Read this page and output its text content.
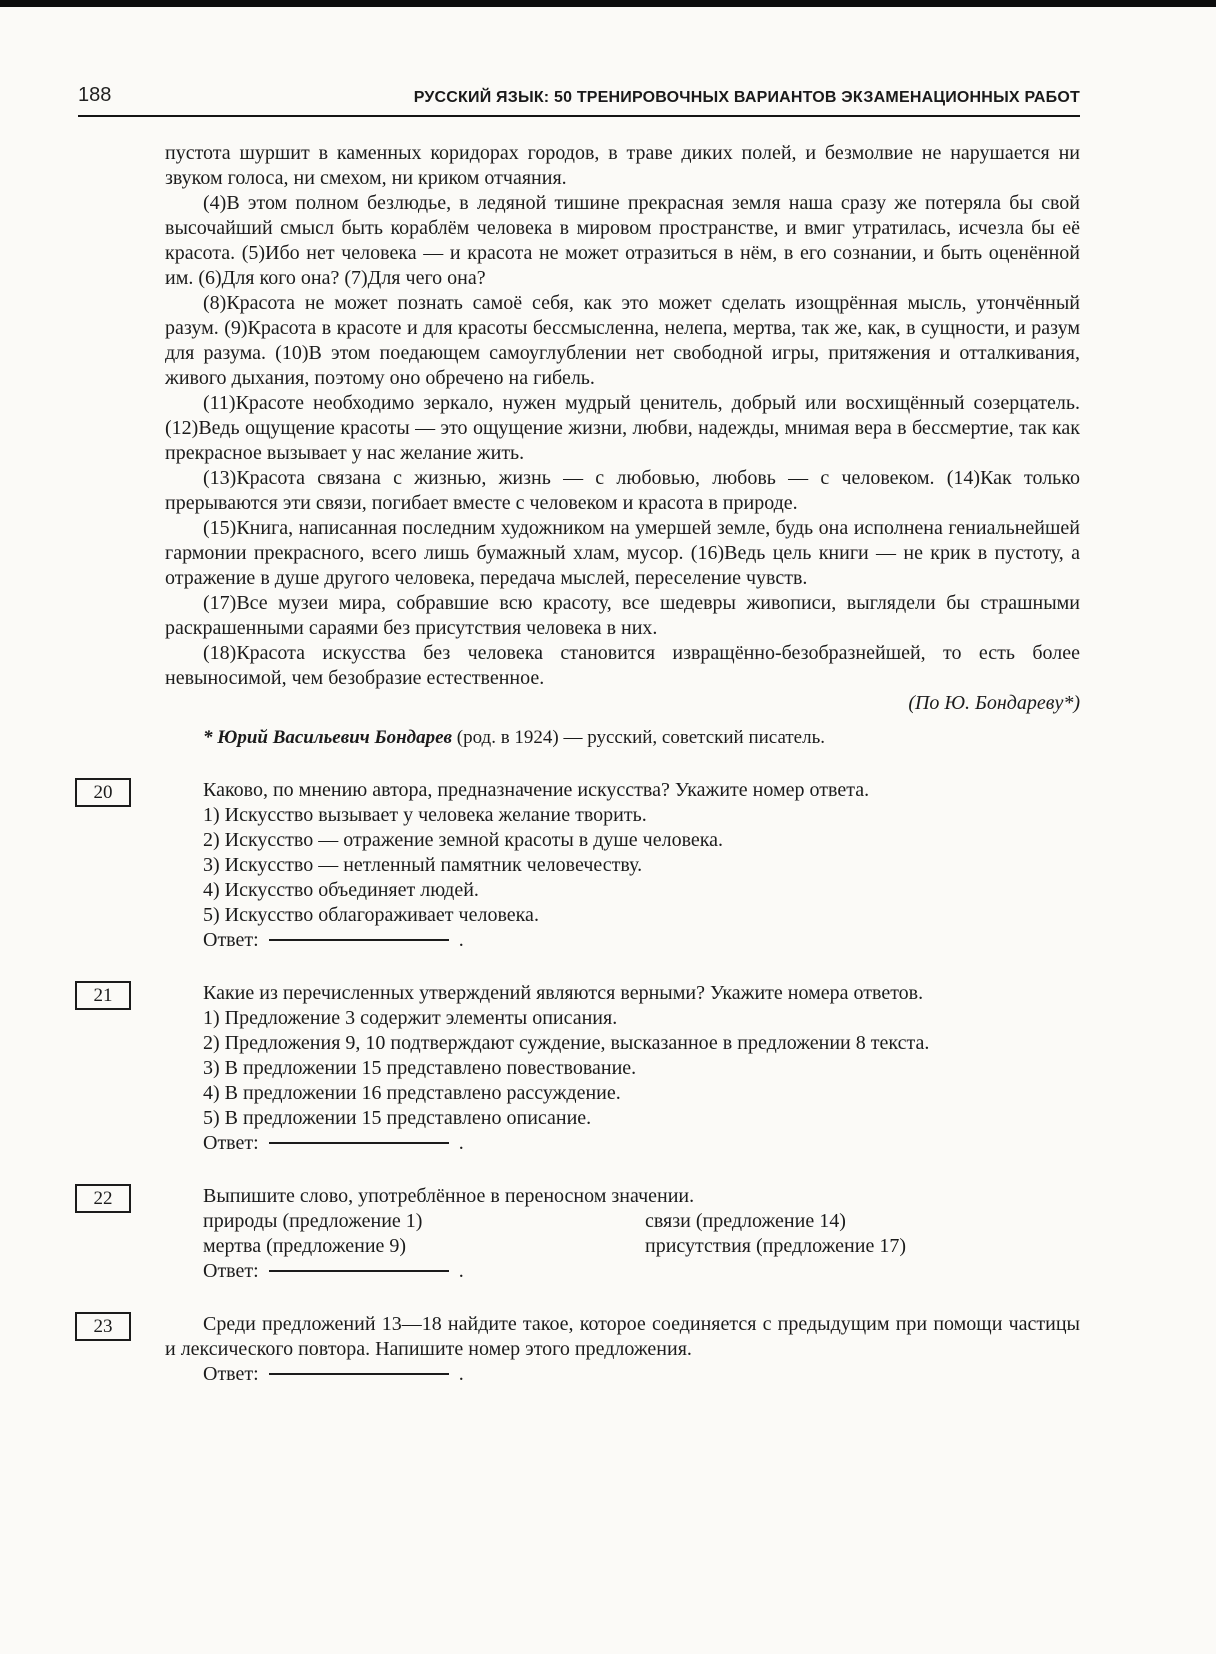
188	РУССКИЙ ЯЗЫК: 50 ТРЕНИРОВОЧНЫХ ВАРИАНТОВ ЭКЗАМЕНАЦИОННЫХ РАБОТ

пустота шуршит в каменных коридорах городов, в траве диких полей, и безмолвие не нарушается ни звуком голоса, ни смехом, ни криком отчаяния.

(4)В этом полном безлюдье, в ледяной тишине прекрасная земля наша сразу же потеряла бы свой высочайший смысл быть кораблём человека в мировом пространстве, и вмиг утратилась, исчезла бы её красота. (5)Ибо нет человека — и красота не может отразиться в нём, в его сознании, и быть оценённой им. (6)Для кого она? (7)Для чего она?

(8)Красота не может познать самоё себя, как это может сделать изощрённая мысль, утончённый разум. (9)Красота в красоте и для красоты бессмысленна, нелепа, мертва, так же, как, в сущности, и разум для разума. (10)В этом поедающем самоуглублении нет свободной игры, притяжения и отталкивания, живого дыхания, поэтому оно обречено на гибель.

(11)Красоте необходимо зеркало, нужен мудрый ценитель, добрый или восхищённый созерцатель. (12)Ведь ощущение красоты — это ощущение жизни, любви, надежды, мнимая вера в бессмертие, так как прекрасное вызывает у нас желание жить.

(13)Красота связана с жизнью, жизнь — с любовью, любовь — с человеком. (14)Как только прерываются эти связи, погибает вместе с человеком и красота в природе.

(15)Книга, написанная последним художником на умершей земле, будь она исполнена гениальнейшей гармонии прекрасного, всего лишь бумажный хлам, мусор. (16)Ведь цель книги — не крик в пустоту, а отражение в душе другого человека, передача мыслей, переселение чувств.

(17)Все музеи мира, собравшие всю красоту, все шедевры живописи, выглядели бы страшными раскрашенными сараями без присутствия человека в них.

(18)Красота искусства без человека становится извращённо-безобразнейшей, то есть более невыносимой, чем безобразие естественное.

(По Ю. Бондареву*)

* Юрий Васильевич Бондарев (род. в 1924) — русский, советский писатель.

20	Каково, по мнению автора, предназначение искусства? Укажите номер ответа.

1) Искусство вызывает у человека желание творить.

2) Искусство — отражение земной красоты в душе человека.

3) Искусство — нетленный памятник человечеству.

4) Искусство объединяет людей.

5) Искусство облагораживает человека.

Ответ:	.

21	Какие из перечисленных утверждений являются верными? Укажите номера ответов.

1) Предложение 3 содержит элементы описания.

2) Предложения 9, 10 подтверждают суждение, высказанное в предложении 8 текста.

3) В предложении 15 представлено повествование.

4) В предложении 16 представлено рассуждение.

5) В предложении 15 представлено описание.

Ответ:	.

22	Выпишите слово, употреблённое в переносном значении.

природы (предложение 1)	связи (предложение 14)

мертва (предложение 9)	присутствия (предложение 17)

Ответ:	.

23	Среди предложений 13—18 найдите такое, которое соединяется с предыдущим при помощи частицы и лексического повтора. Напишите номер этого предложения.

Ответ:	.
